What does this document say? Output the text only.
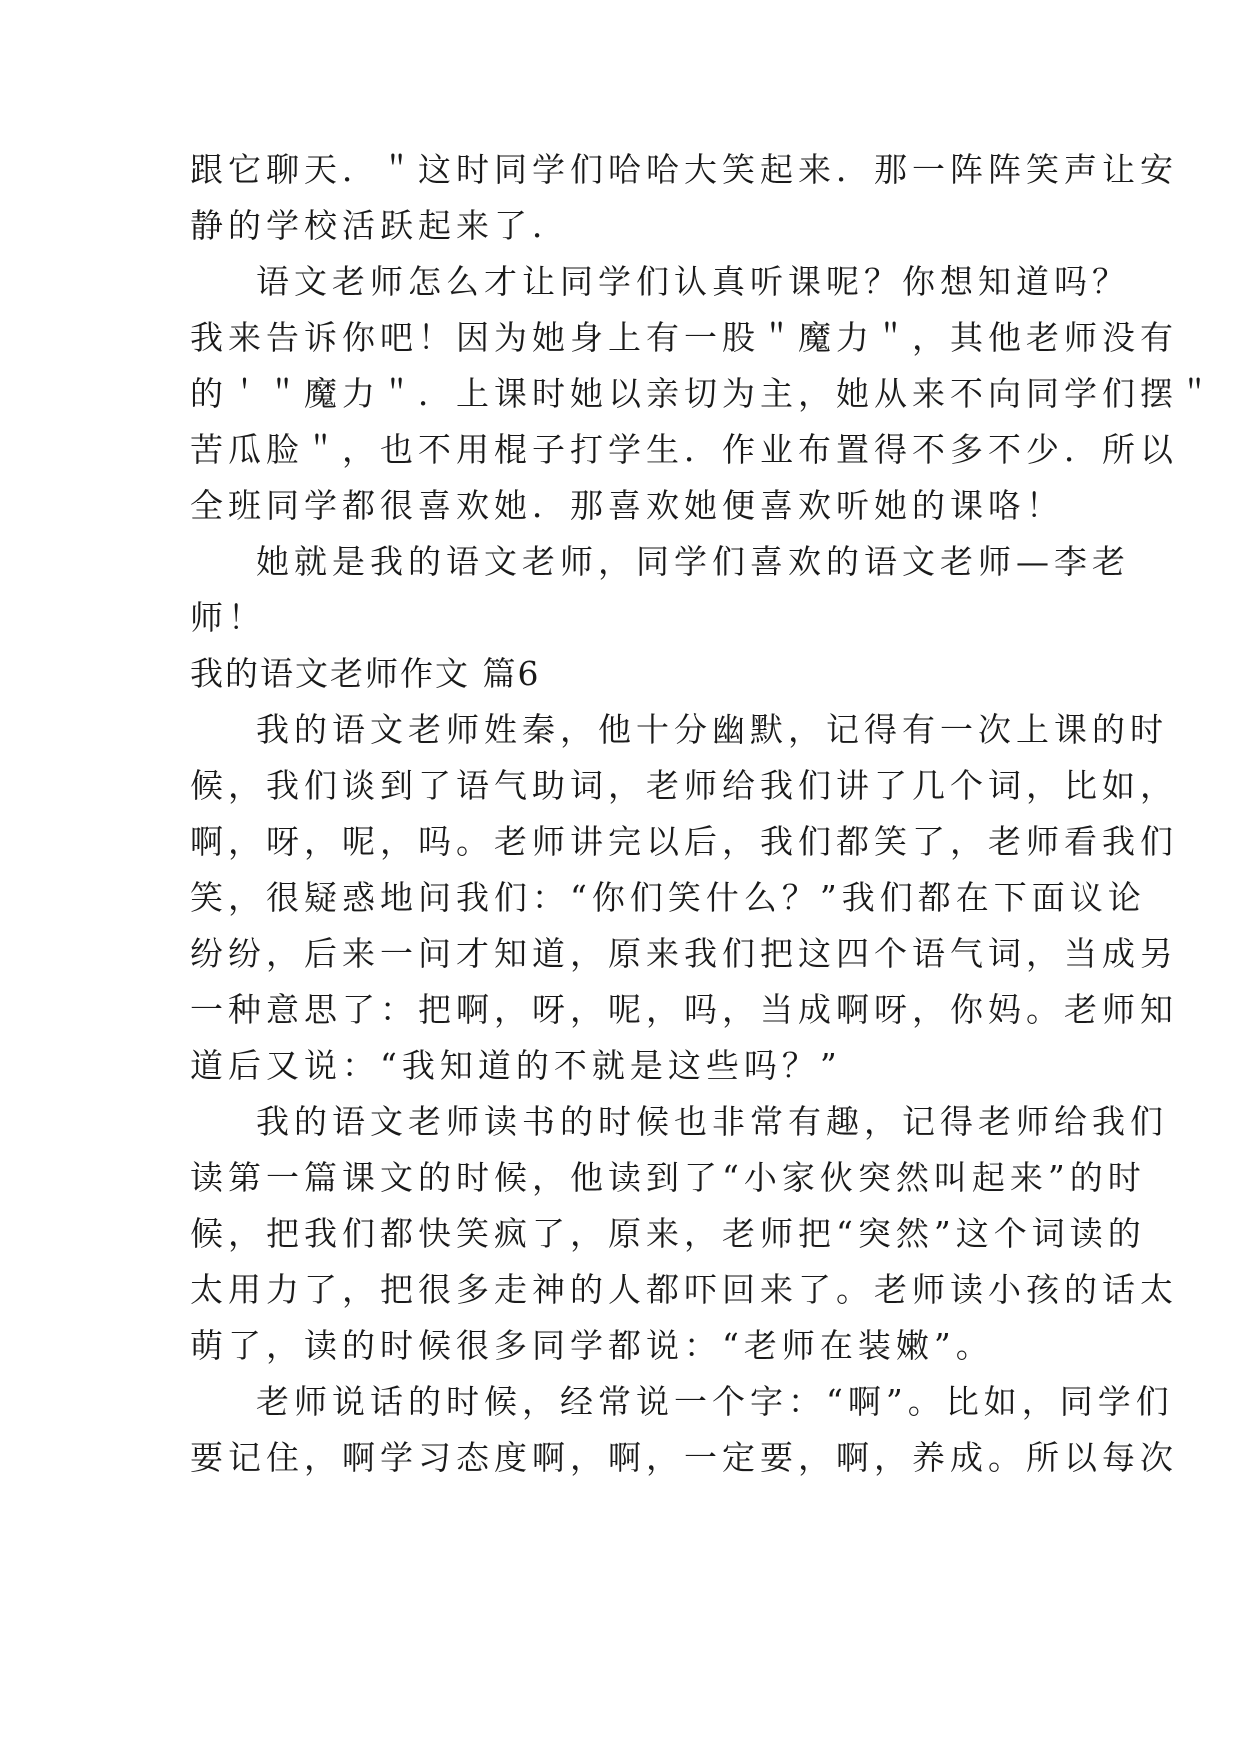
跟它聊天．＂这时同学们哈哈大笑起来．那一阵阵笑声让安
静的学校活跃起来了．
语文老师怎么才让同学们认真听课呢？你想知道吗？
我来告诉你吧！因为她身上有一股＂魔力＂，其他老师没有
的＇＂魔力＂．上课时她以亲切为主，她从来不向同学们摆＂
苦瓜脸＂，也不用棍子打学生．作业布置得不多不少．所以
全班同学都很喜欢她．那喜欢她便喜欢听她的课咯！
她就是我的语文老师，同学们喜欢的语文老师—李老
师！
我的语文老师作文 篇6
我的语文老师姓秦，他十分幽默，记得有一次上课的时
候，我们谈到了语气助词，老师给我们讲了几个词，比如，
啊，呀，呢，吗。老师讲完以后，我们都笑了，老师看我们
笑，很疑惑地问我们：“你们笑什么？”我们都在下面议论
纷纷，后来一问才知道，原来我们把这四个语气词，当成另
一种意思了：把啊，呀，呢，吗，当成啊呀，你妈。老师知
道后又说：“我知道的不就是这些吗？”
我的语文老师读书的时候也非常有趣，记得老师给我们
读第一篇课文的时候，他读到了“小家伙突然叫起来”的时
候，把我们都快笑疯了，原来，老师把“突然”这个词读的
太用力了，把很多走神的人都吓回来了。老师读小孩的话太
萌了，读的时候很多同学都说：“老师在装嫩”。
老师说话的时候，经常说一个字：“啊”。比如，同学们
要记住，啊学习态度啊，啊，一定要，啊，养成。所以每次
